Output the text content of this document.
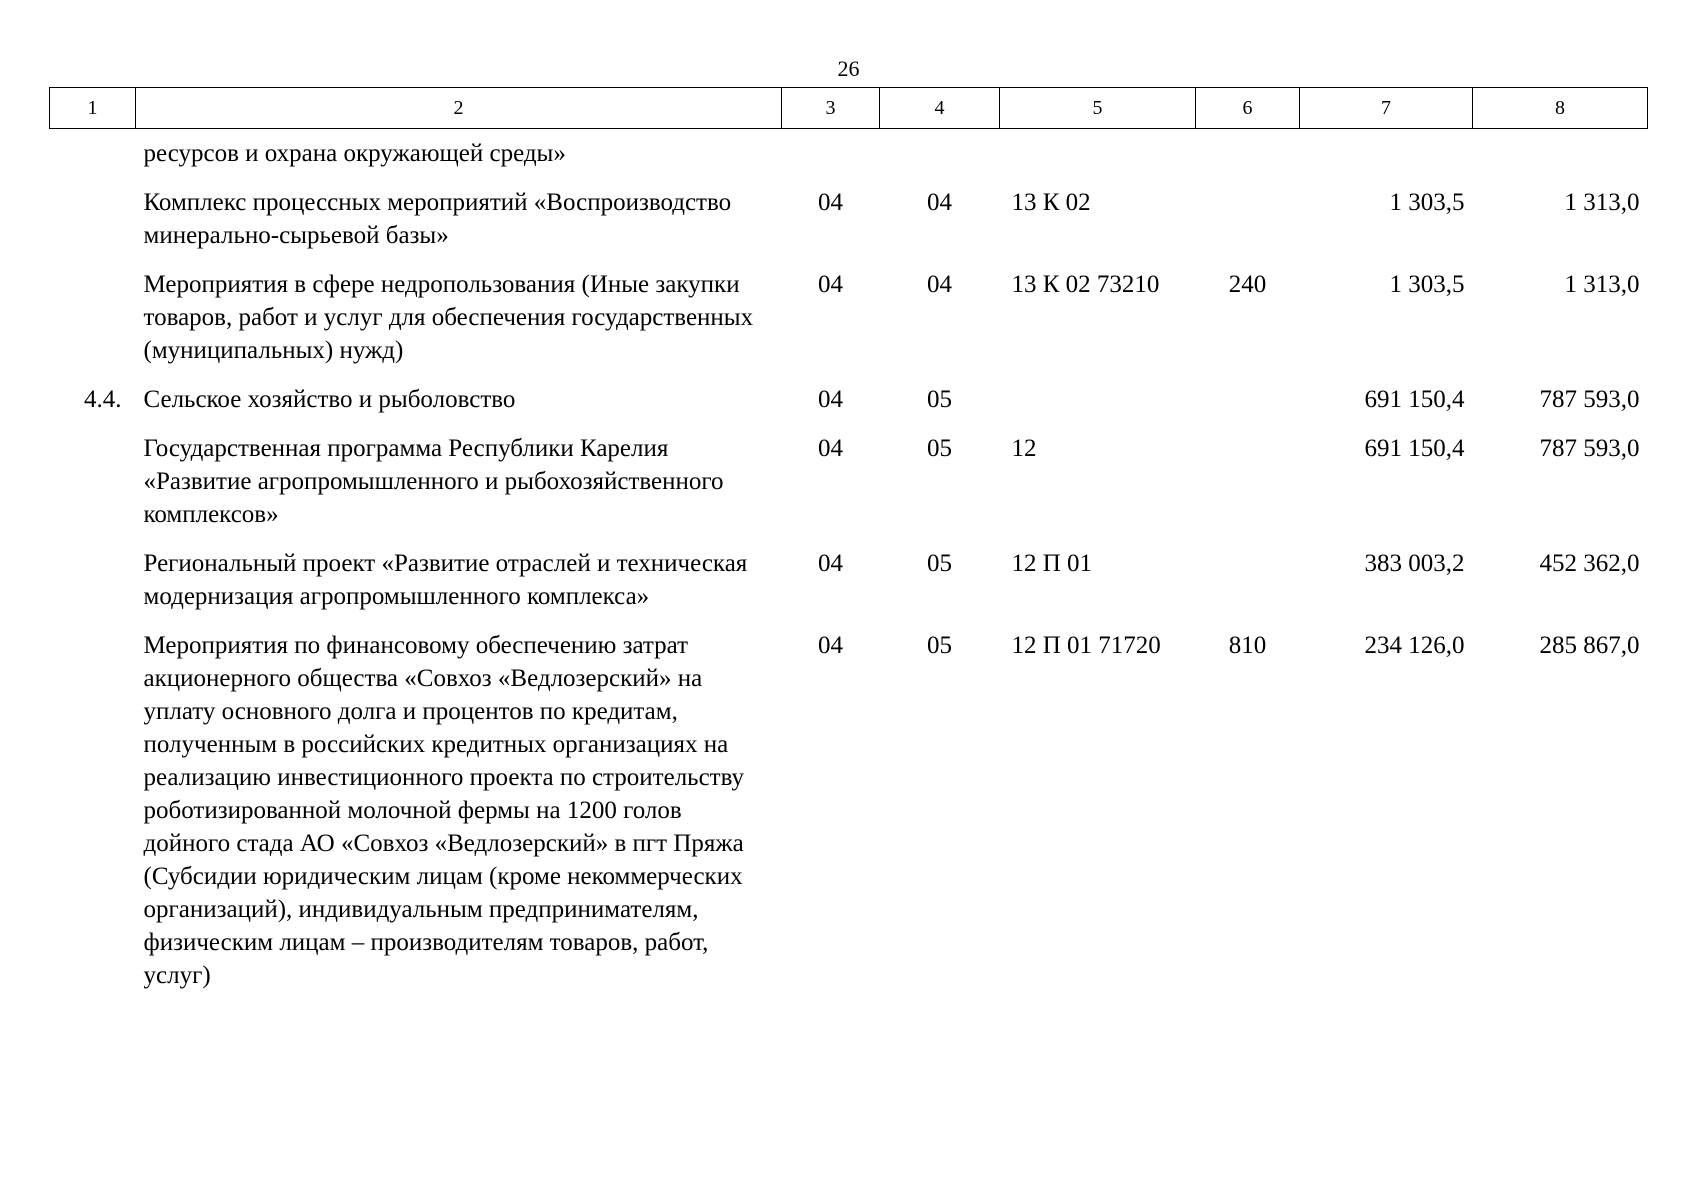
26
1	2	3	4	5	6	7	8
	ресурсов и охрана окружающей среды»						
	Комплекс процессных мероприятий «Воспроизводство минерально-сырьевой базы»	04	04	13 К 02		1 303,5	1 313,0
	Мероприятия в сфере недропользования (Иные закупки товаров, работ и услуг для обеспечения государственных (муниципальных) нужд)	04	04	13 К 02 73210	240	1 303,5	1 313,0
4.4.	Сельское хозяйство и рыболовство	04	05			691 150,4	787 593,0
	Государственная программа Республики Карелия «Развитие агропромышленного и рыбохозяйственного комплексов»	04	05	12		691 150,4	787 593,0
	Региональный проект «Развитие отраслей и техническая модернизация агропромышленного комплекса»	04	05	12 П 01		383 003,2	452 362,0
	Мероприятия по финансовому обеспечению затрат акционерного общества «Совхоз «Ведлозерский» на уплату основного долга и процентов по кредитам, полученным в российских кредитных организациях на реализацию инвестиционного проекта по строительству роботизированной молочной фермы на 1200 голов дойного стада АО «Совхоз «Ведлозерский» в пгт Пряжа (Субсидии юридическим лицам (кроме некоммерческих организаций), индивидуальным предпринимателям, физическим лицам – производителям товаров, работ, услуг)	04	05	12 П 01 71720	810	234 126,0	285 867,0
